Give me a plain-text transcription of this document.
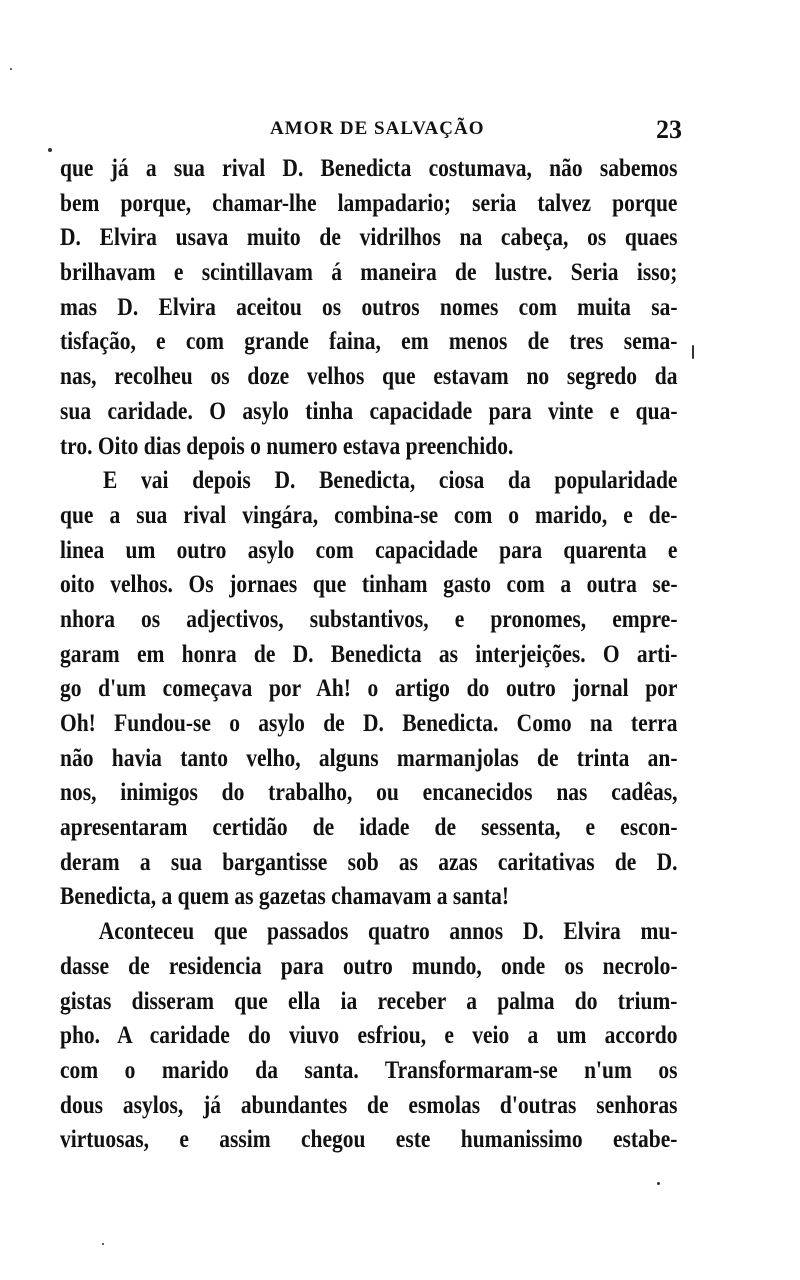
AMOR DE SALVAÇÃO	23
que já a sua rival D. Benedicta costumava, não sabemos
bem porque, chamar-lhe lampadario; seria talvez porque
D. Elvira usava muito de vidrilhos na cabeça, os quaes
brilhavam e scintillavam á maneira de lustre. Seria isso;
mas D. Elvira aceitou os outros nomes com muita sa-
tisfação, e com grande faina, em menos de tres sema-
nas, recolheu os doze velhos que estavam no segredo da
sua caridade. O asylo tinha capacidade para vinte e qua-
tro. Oito dias depois o numero estava preenchido.
E vai depois D. Benedicta, ciosa da popularidade
que a sua rival vingára, combina-se com o marido, e de-
linea um outro asylo com capacidade para quarenta e
oito velhos. Os jornaes que tinham gasto com a outra se-
nhora os adjectivos, substantivos, e pronomes, empre-
garam em honra de D. Benedicta as interjeições. O arti-
go d'um começava por Ah! o artigo do outro jornal por
Oh! Fundou-se o asylo de D. Benedicta. Como na terra
não havia tanto velho, alguns marmanjolas de trinta an-
nos, inimigos do trabalho, ou encanecidos nas cadêas,
apresentaram certidão de idade de sessenta, e escon-
deram a sua bargantisse sob as azas caritativas de D.
Benedicta, a quem as gazetas chamavam a santa!
Aconteceu que passados quatro annos D. Elvira mu-
dasse de residencia para outro mundo, onde os necrolo-
gistas disseram que ella ia receber a palma do trium-
pho. A caridade do viuvo esfriou, e veio a um accordo
com o marido da santa. Transformaram-se n'um os
dous asylos, já abundantes de esmolas d'outras senhoras
virtuosas, e assim chegou este humanissimo estabe-
